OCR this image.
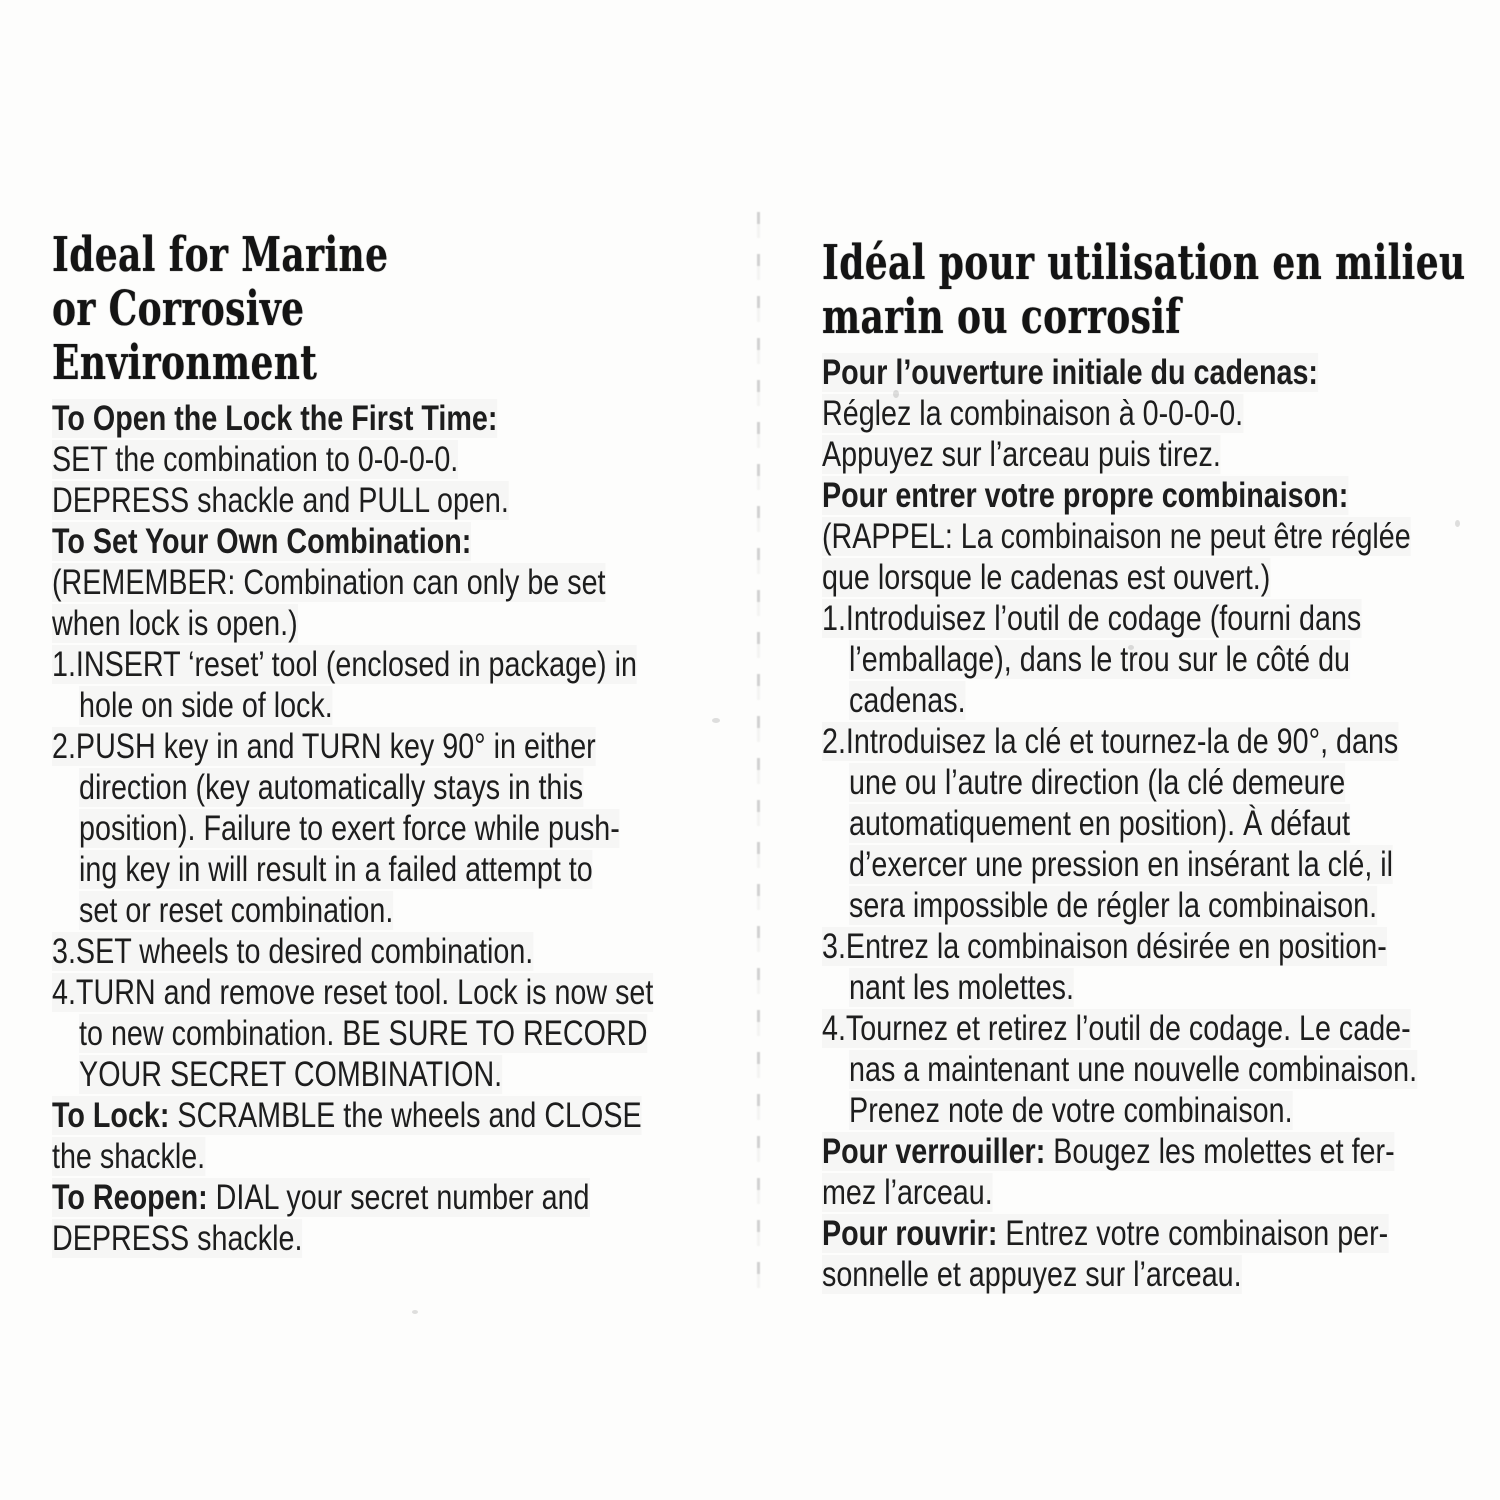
Ideal for Marine
or Corrosive
Environment
To Open the Lock the First Time:
SET the combination to 0-0-0-0.
DEPRESS shackle and PULL open.
To Set Your Own Combination:
(REMEMBER: Combination can only be set
when lock is open.)
1.INSERT ‘reset’ tool (enclosed in package) in
hole on side of lock.
2.PUSH key in and TURN key 90° in either
direction (key automatically stays in this
position). Failure to exert force while push-
ing key in will result in a failed attempt to
set or reset combination.
3.SET wheels to desired combination.
4.TURN and remove reset tool. Lock is now set
to new combination. BE SURE TO RECORD
YOUR SECRET COMBINATION.
To Lock: SCRAMBLE the wheels and CLOSE
the shackle.
To Reopen: DIAL your secret number and
DEPRESS shackle.
Idéal pour utilisation en milieu
marin ou corrosif
Pour l’ouverture initiale du cadenas:
Réglez la combinaison à 0-0-0-0.
Appuyez sur l’arceau puis tirez.
Pour entrer votre propre combinaison:
(RAPPEL: La combinaison ne peut être réglée
que lorsque le cadenas est ouvert.)
1.Introduisez l’outil de codage (fourni dans
l’emballage), dans le trou sur le côté du
cadenas.
2.Introduisez la clé et tournez-la de 90°, dans
une ou l’autre direction (la clé demeure
automatiquement en position). À défaut
d’exercer une pression en insérant la clé, il
sera impossible de régler la combinaison.
3.Entrez la combinaison désirée en position-
nant les molettes.
4.Tournez et retirez l’outil de codage. Le cade-
nas a maintenant une nouvelle combinaison.
Prenez note de votre combinaison.
Pour verrouiller: Bougez les molettes et fer-
mez l’arceau.
Pour rouvrir: Entrez votre combinaison per-
sonnelle et appuyez sur l’arceau.
